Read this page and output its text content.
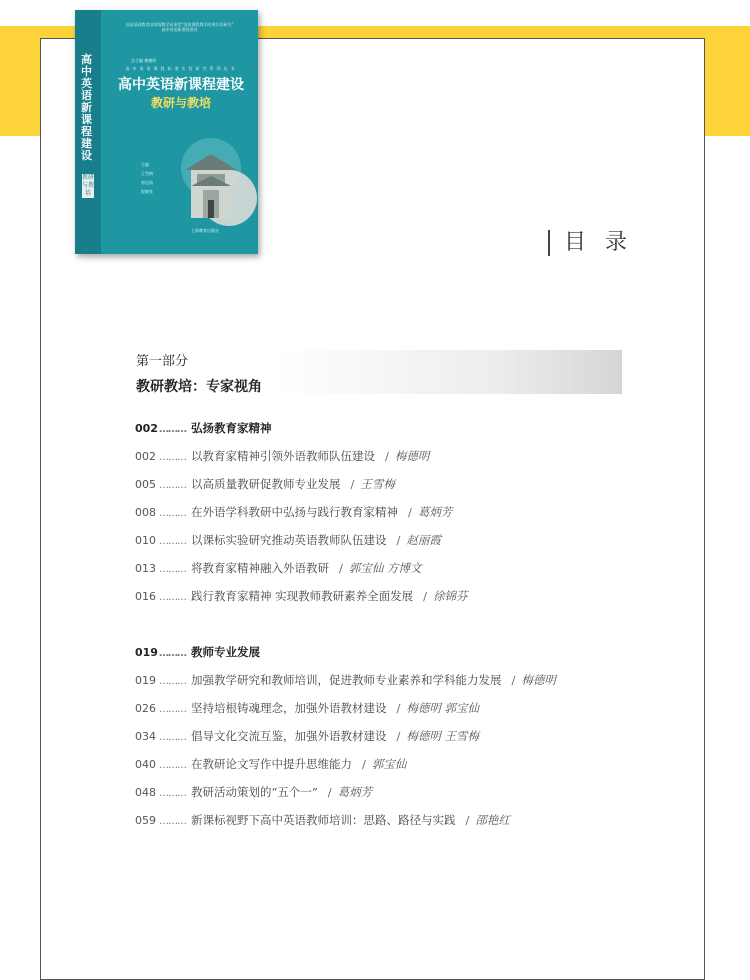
高中英语新课程建设
教研与教培
首届基础教育国家级教学成果奖“国家课程教学改革实验研究”
高中英语新课程建设
总主编 梅德明
高中英语课程标准实验研究系列丛书
高中英语新课程建设
教研与教培
主编
王雪梅
郭宝仙
程晓堂
上海教育出版社	目 录
第一部分
教研教培：专家视角
002……… 弘扬教育家精神
002 ……… 以教育家精神引领外语教师队伍建设 / 梅德明
005 ……… 以高质量教研促教师专业发展 / 王雪梅
008 ……… 在外语学科教研中弘扬与践行教育家精神 / 葛炳芳
010 ……… 以课标实验研究推动英语教师队伍建设 / 赵丽霞
013 ……… 将教育家精神融入外语教研 / 郭宝仙 方博文
016 ……… 践行教育家精神 实现教师教研素养全面发展 / 徐锦芬
019……… 教师专业发展
019 ……… 加强教学研究和教师培训，促进教师专业素养和学科能力发展 / 梅德明
026 ……… 坚持培根铸魂理念，加强外语教材建设 / 梅德明 郭宝仙
034 ……… 倡导文化交流互鉴，加强外语教材建设 / 梅德明 王雪梅
040 ……… 在教研论文写作中提升思维能力 / 郭宝仙
048 ……… 教研活动策划的“五个一” / 葛炳芳
059 ……… 新课标视野下高中英语教师培训：思路、路径与实践 / 邵艳红
